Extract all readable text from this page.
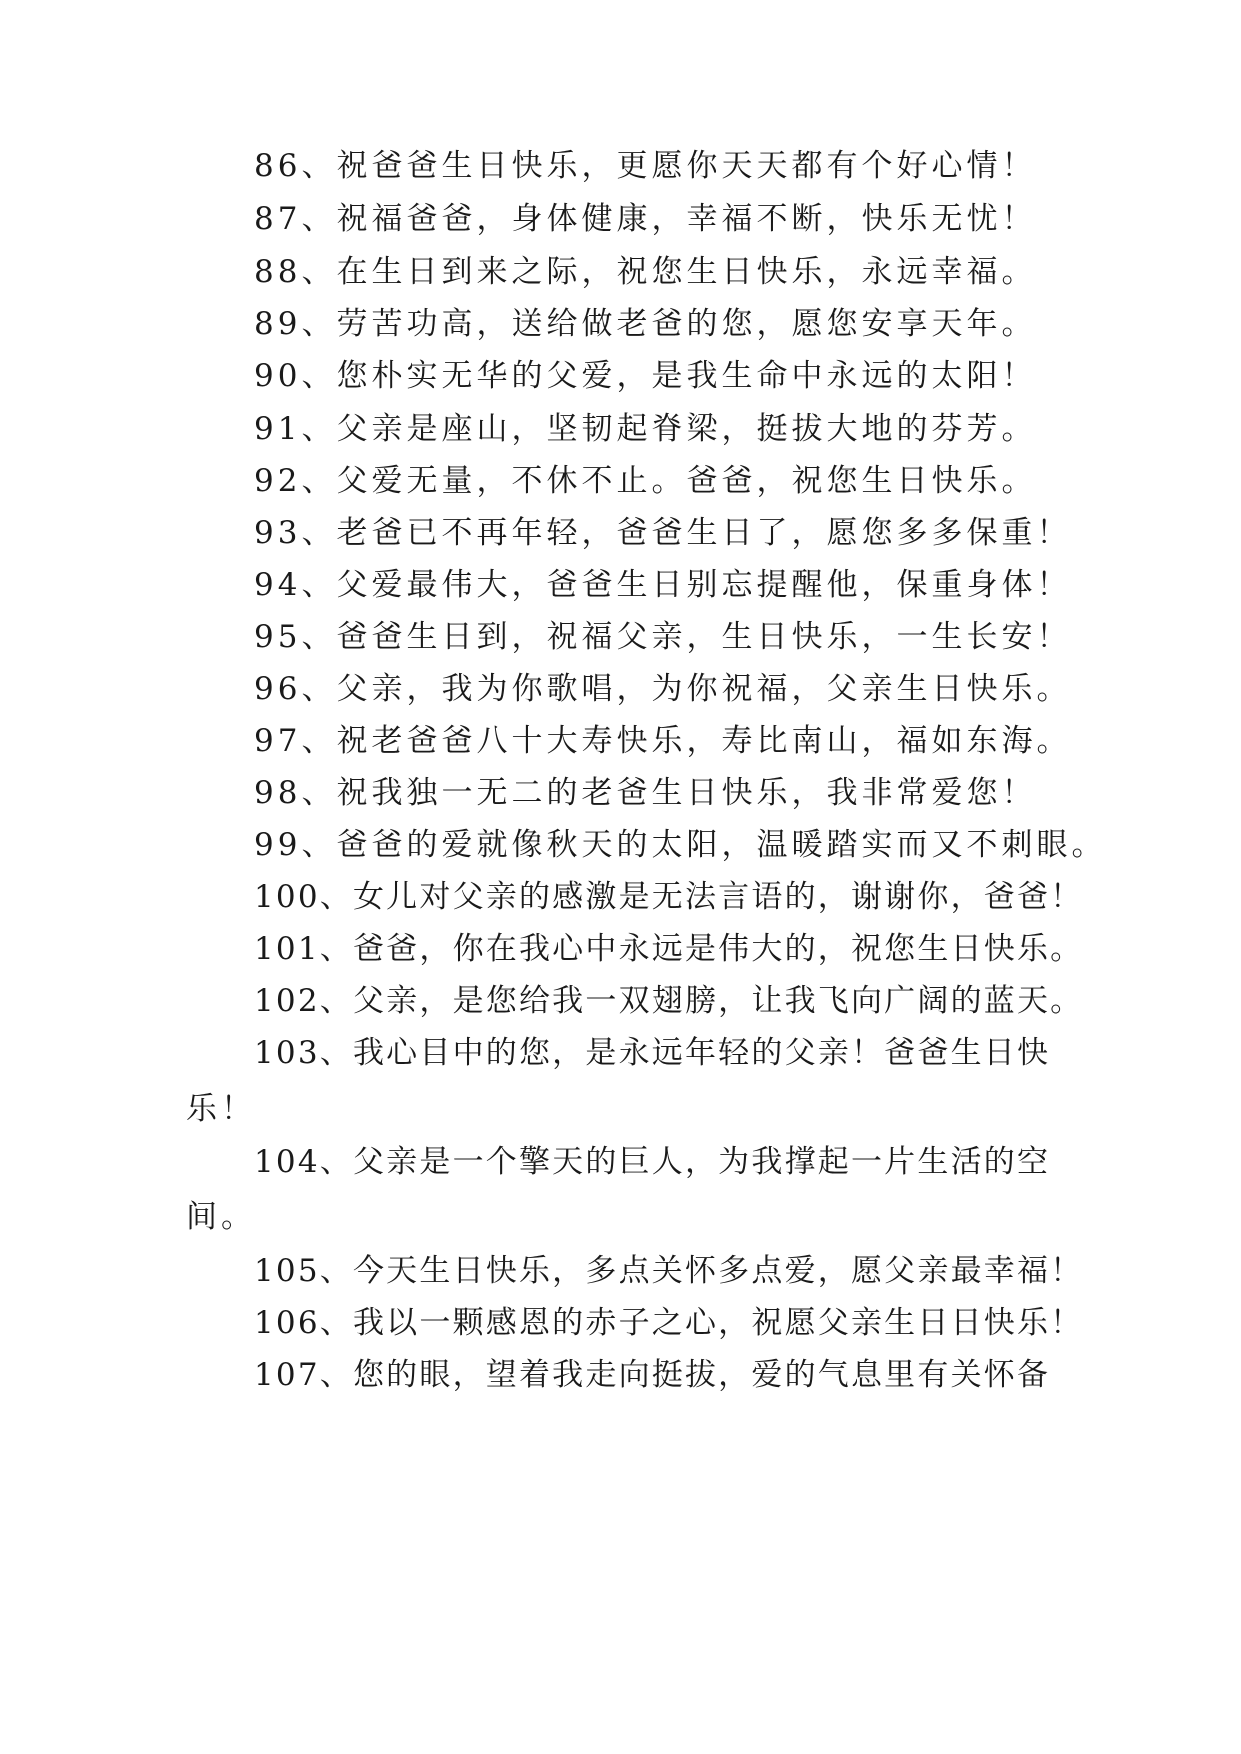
86、祝爸爸生日快乐，更愿你天天都有个好心情！
87、祝福爸爸，身体健康，幸福不断，快乐无忧！
88、在生日到来之际，祝您生日快乐，永远幸福。
89、劳苦功高，送给做老爸的您，愿您安享天年。
90、您朴实无华的父爱，是我生命中永远的太阳！
91、父亲是座山，坚韧起脊梁，挺拔大地的芬芳。
92、父爱无量，不休不止。爸爸，祝您生日快乐。
93、老爸已不再年轻，爸爸生日了，愿您多多保重！
94、父爱最伟大，爸爸生日别忘提醒他，保重身体！
95、爸爸生日到，祝福父亲，生日快乐，一生长安！
96、父亲，我为你歌唱，为你祝福，父亲生日快乐。
97、祝老爸爸八十大寿快乐，寿比南山，福如东海。
98、祝我独一无二的老爸生日快乐，我非常爱您！
99、爸爸的爱就像秋天的太阳，温暖踏实而又不刺眼。
100、女儿对父亲的感激是无法言语的，谢谢你，爸爸！
101、爸爸，你在我心中永远是伟大的，祝您生日快乐。
102、父亲，是您给我一双翅膀，让我飞向广阔的蓝天。
103、我心目中的您，是永远年轻的父亲！爸爸生日快
乐！
104、父亲是一个擎天的巨人，为我撑起一片生活的空
间。
105、今天生日快乐，多点关怀多点爱，愿父亲最幸福！
106、我以一颗感恩的赤子之心，祝愿父亲生日日快乐！
107、您的眼，望着我走向挺拔，爱的气息里有关怀备
